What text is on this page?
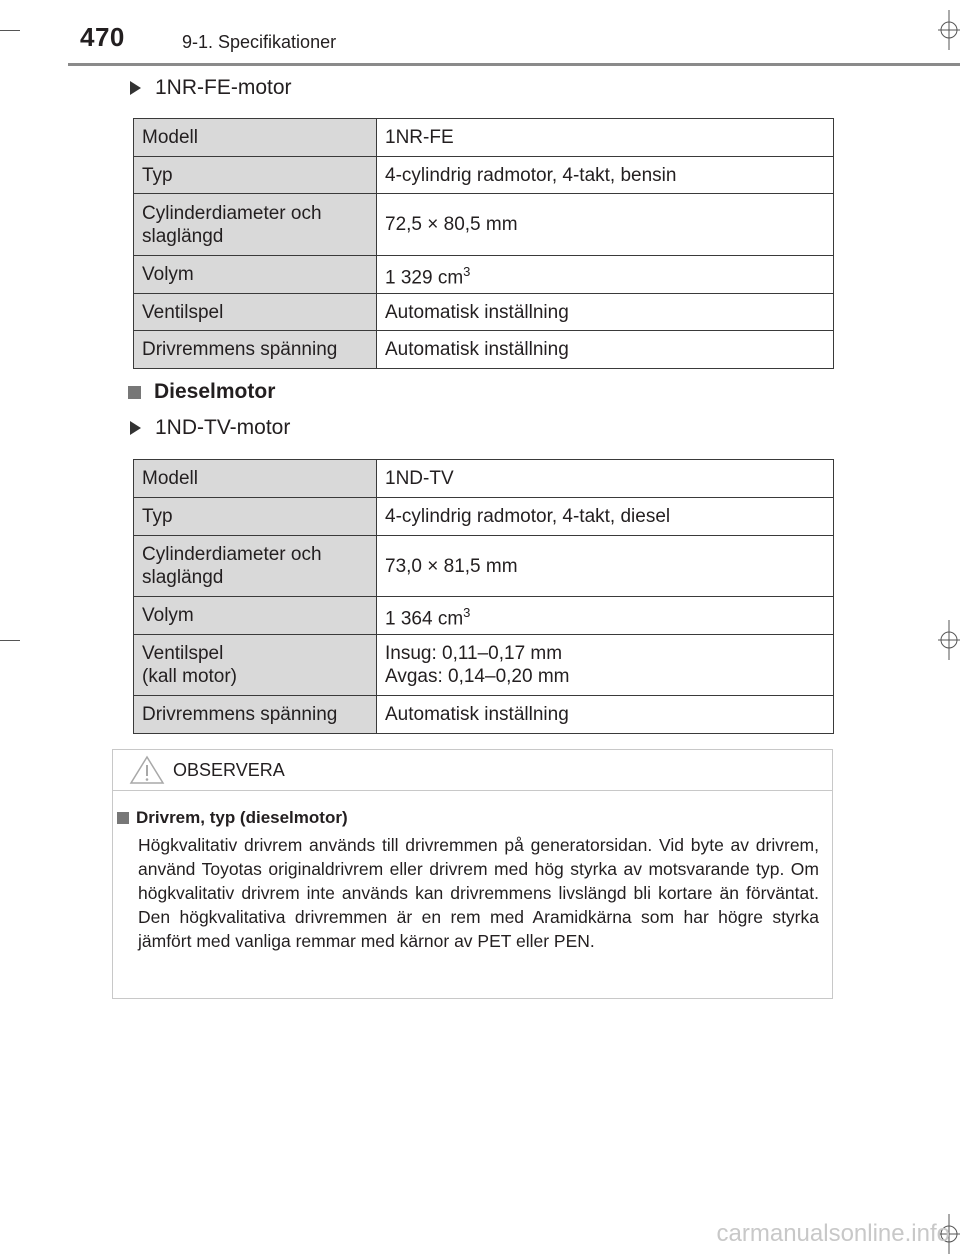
470	9-1. Specifikationer
1NR-FE-motor
Modell	1NR-FE
Typ	4-cylindrig radmotor, 4-takt, bensin
Cylinderdiameter och
slaglängd	72,5 × 80,5 mm
Volym	1 329 $cm^3$
Ventilspel	Automatisk inställning
Drivremmens spänning	Automatisk inställning
Dieselmotor
1ND-TV-motor
Modell	1ND-TV
Typ	4-cylindrig radmotor, 4-takt, diesel
Cylinderdiameter och
slaglängd	73,0 × 81,5 mm
Volym	1 364 $cm^3$
Ventilspel
(kall motor)	Insug: 0,11–0,17 mm
Avgas: 0,14–0,20 mm
Drivremmens spänning	Automatisk inställning
OBSERVERA
Drivrem, typ (dieselmotor)
Högkvalitativ drivrem används till drivremmen på generatorsidan. Vid byte av drivrem, använd Toyotas originaldrivrem eller drivrem med hög styrka av motsvarande typ. Om högkvalitativ drivrem inte används kan drivremmens livslängd bli kortare än förväntat. Den högkvalitativa drivremmen är en rem med Aramidkärna som har högre styrka jämfört med vanliga remmar med kärnor av PET eller PEN.
carmanualsonline.info
